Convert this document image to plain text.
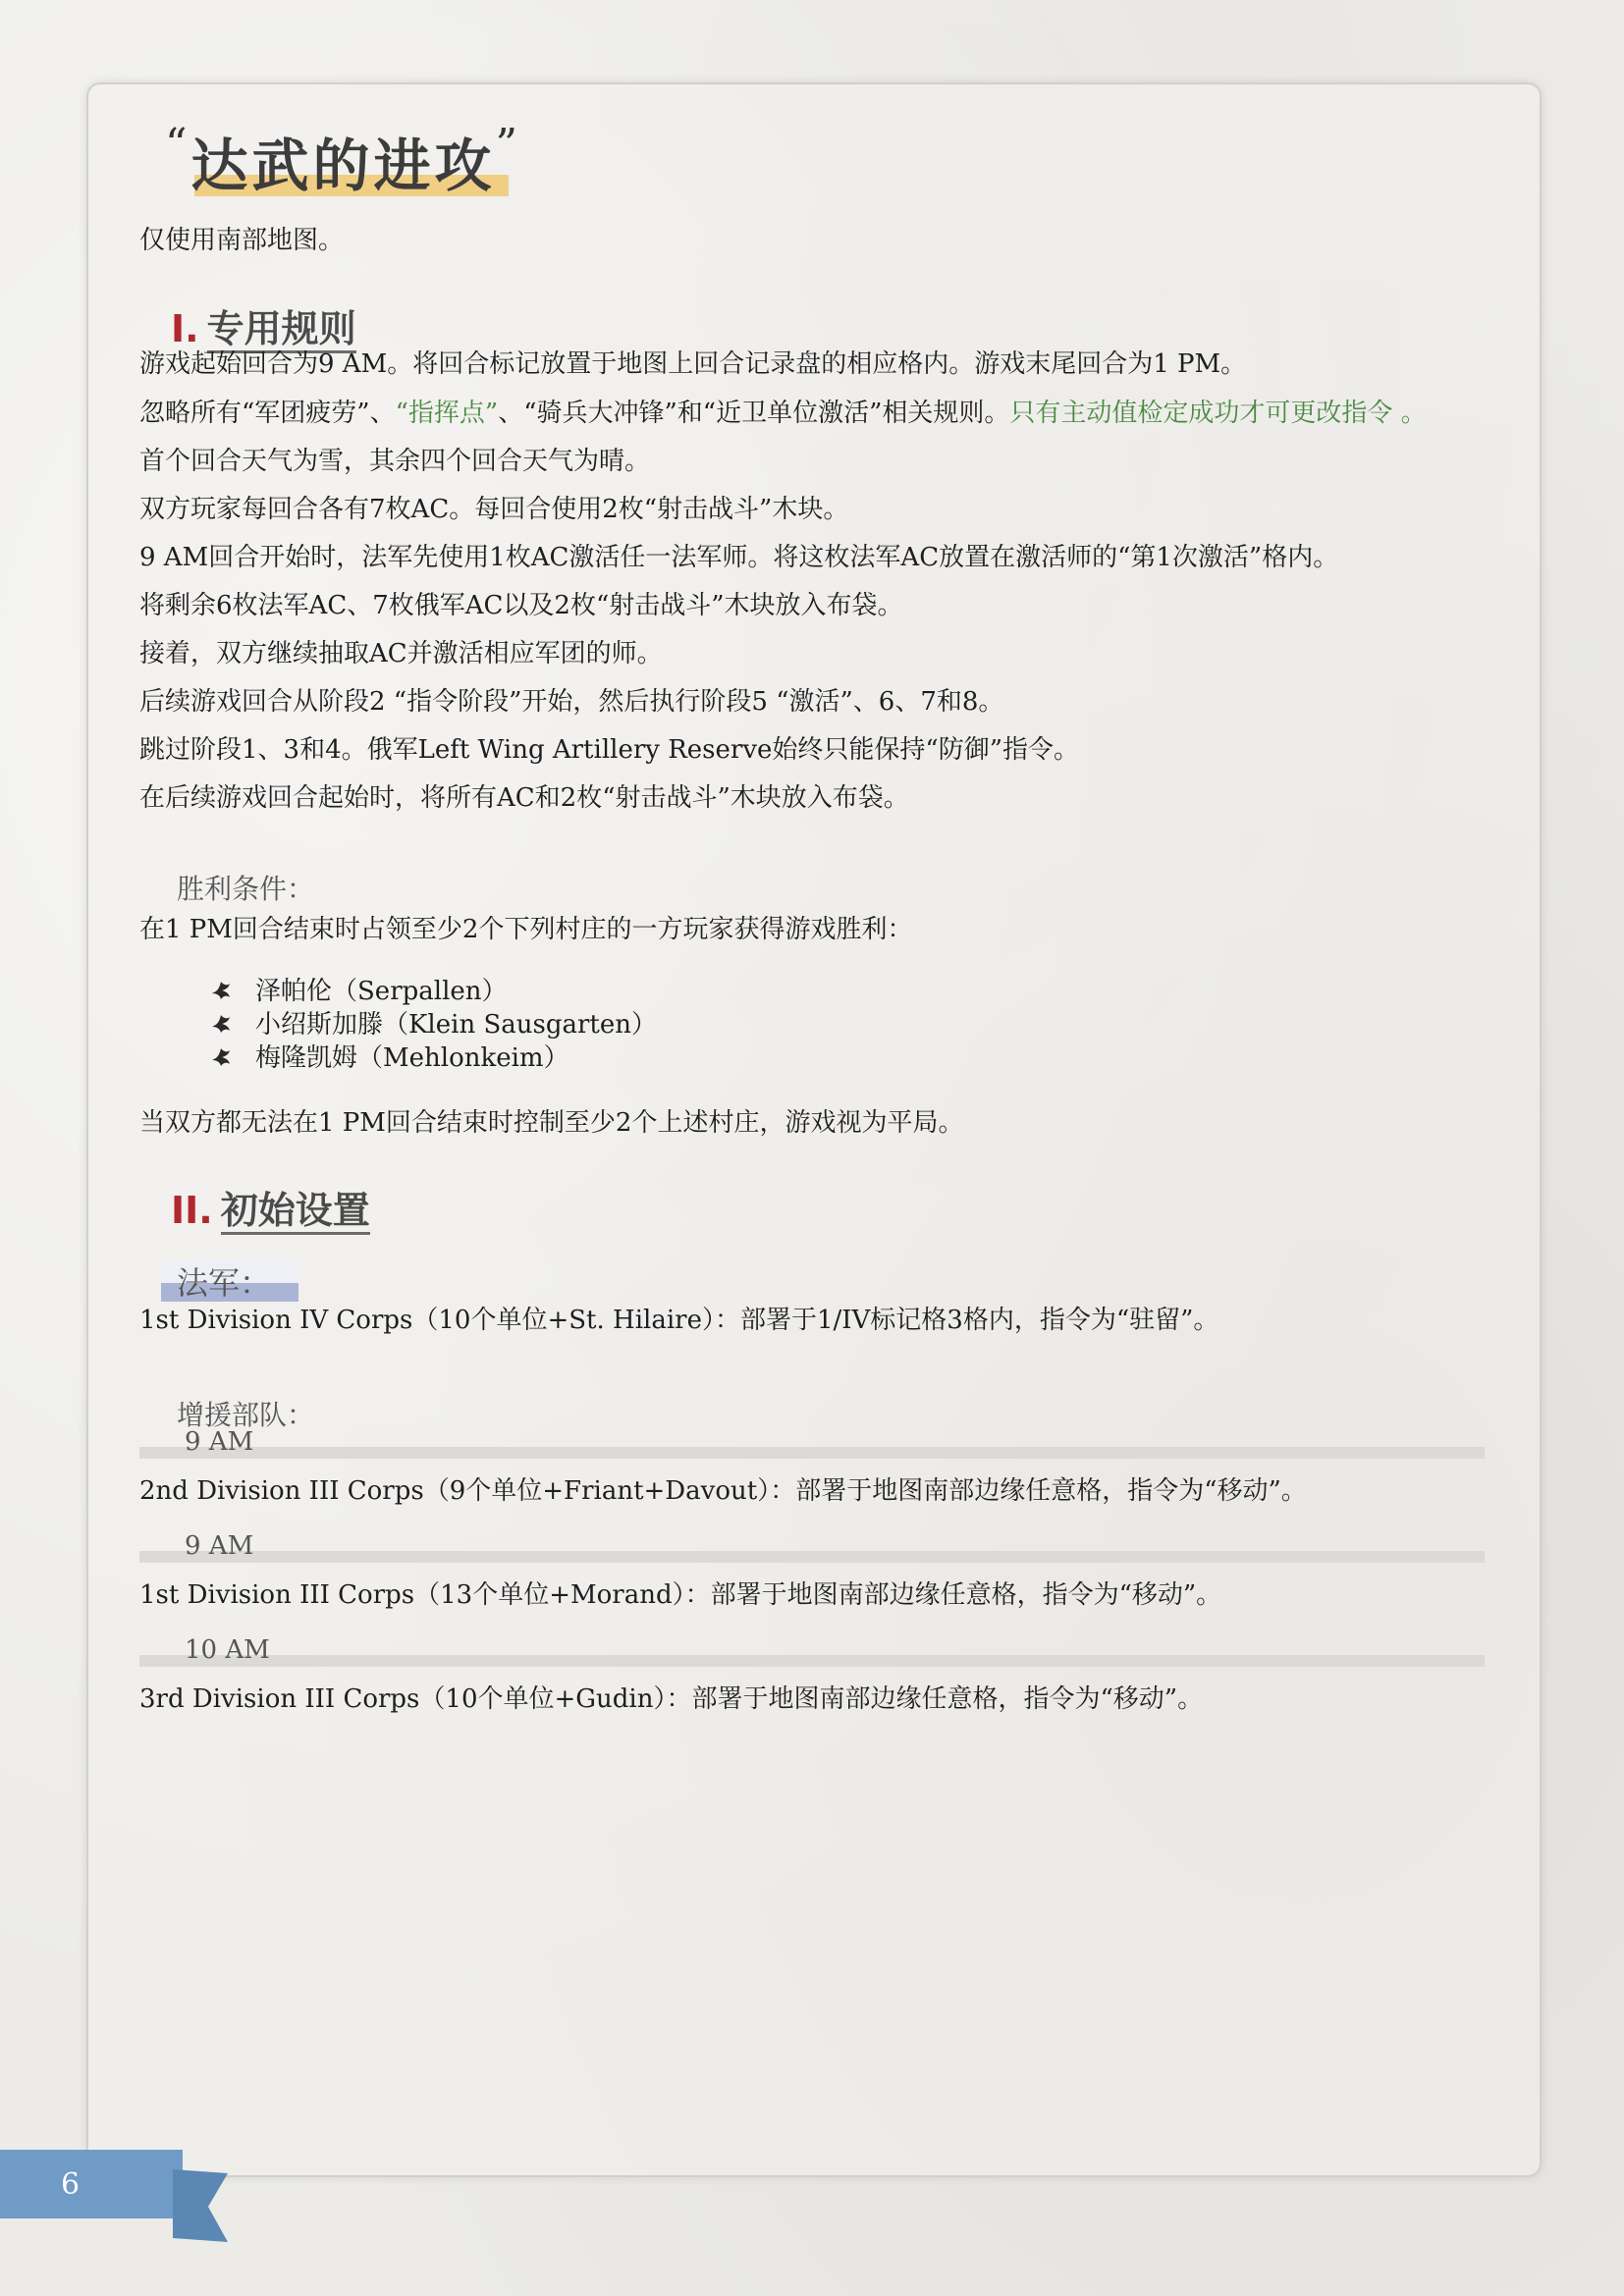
“达武的进攻”
仅使用南部地图。
I. 专用规则
游戏起始回合为9 AM。将回合标记放置于地图上回合记录盘的相应格内。游戏末尾回合为1 PM。
忽略所有“军团疲劳”、“指挥点”、“骑兵大冲锋”和“近卫单位激活”相关规则。只有主动值检定成功才可更改指令 。
首个回合天气为雪，其余四个回合天气为晴。
双方玩家每回合各有7枚AC。每回合使用2枚“射击战斗”木块。
9 AM回合开始时，法军先使用1枚AC激活任一法军师。将这枚法军AC放置在激活师的“第1次激活”格内。
将剩余6枚法军AC、7枚俄军AC以及2枚“射击战斗”木块放入布袋。
接着，双方继续抽取AC并激活相应军团的师。
后续游戏回合从阶段2 “指令阶段”开始，然后执行阶段5 “激活”、6、7和8。
跳过阶段1、3和4。俄军Left Wing Artillery Reserve始终只能保持“防御”指令。
在后续游戏回合起始时，将所有AC和2枚“射击战斗”木块放入布袋。
胜利条件：
在1 PM回合结束时占领至少2个下列村庄的一方玩家获得游戏胜利：
泽帕伦（Serpallen）
小绍斯加滕（Klein Sausgarten）
梅隆凯姆（Mehlonkeim）
当双方都无法在1 PM回合结束时控制至少2个上述村庄，游戏视为平局。
II. 初始设置
法军：
1st Division IV Corps（10个单位+St. Hilaire）：部署于1/IV标记格3格内，指令为“驻留”。
增援部队：
9 AM
2nd Division III Corps（9个单位+Friant+Davout）：部署于地图南部边缘任意格，指令为“移动”。
9 AM
1st Division III Corps（13个单位+Morand）：部署于地图南部边缘任意格，指令为“移动”。
10 AM
3rd Division III Corps（10个单位+Gudin）：部署于地图南部边缘任意格，指令为“移动”。
6
